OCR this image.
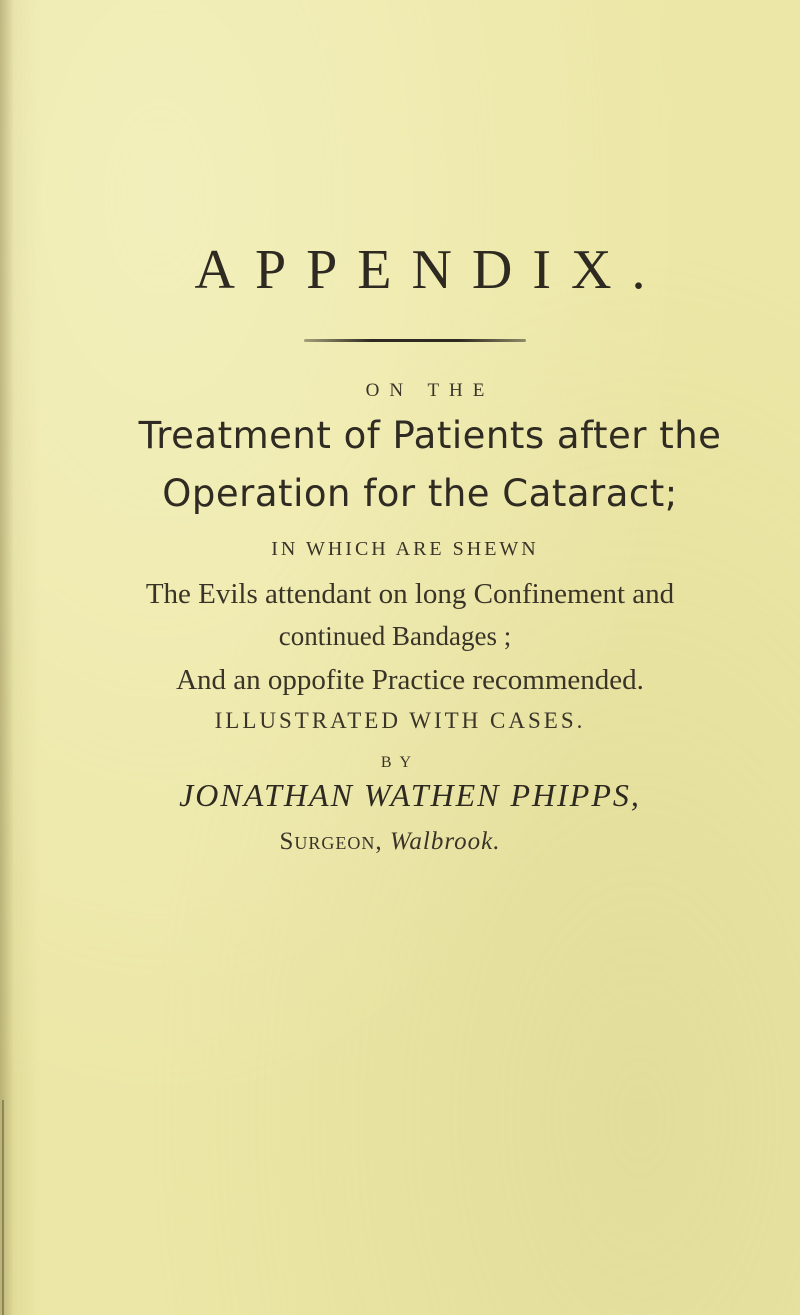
APPENDIX.
ON THE
Treatment of Patients after the
Operation for the Cataract;
IN WHICH ARE SHEWN
The Evils attendant on long Confinement and
continued Bandages ;
And an oppofite Practice recommended.
ILLUSTRATED WITH CASES.
BY
JONATHAN WATHEN PHIPPS,
Surgeon, Walbrook.
